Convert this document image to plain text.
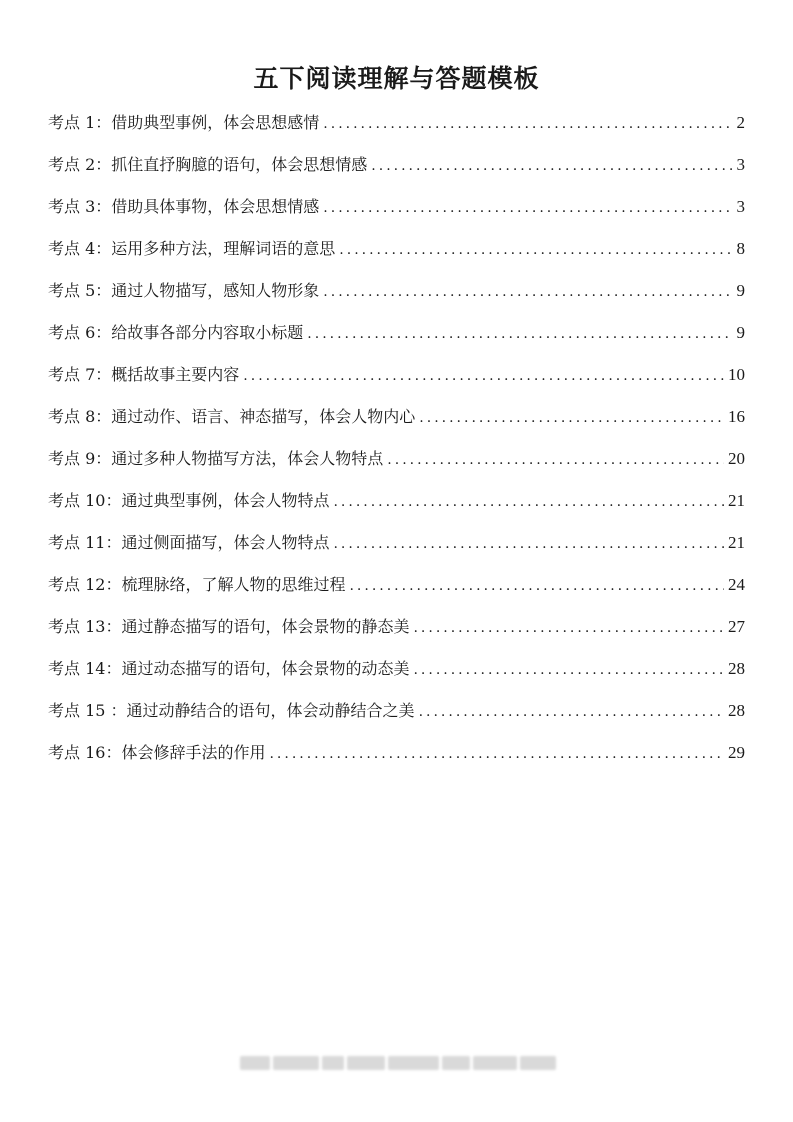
五下阅读理解与答题模板
考点 1： 借助典型事例，体会思想感情 .....	2
考点 2： 抓住直抒胸臆的语句，体会思想情感 .....	3
考点 3： 借助具体事物，体会思想情感 .....	3
考点 4： 运用多种方法，理解词语的意思 .....	8
考点 5： 通过人物描写，感知人物形象 .....	9
考点 6： 给故事各部分内容取小标题 .....	9
考点 7： 概括故事主要内容 .....	10
考点 8： 通过动作、语言、神态描写，体会人物内心 .....	16
考点 9： 通过多种人物描写方法，体会人物特点 .....	20
考点 10： 通过典型事例，体会人物特点 .....	21
考点 11： 通过侧面描写，体会人物特点 .....	21
考点 12： 梳理脉络，了解人物的思维过程 .....	24
考点 13： 通过静态描写的语句，体会景物的静态美 .....	27
考点 14： 通过动态描写的语句，体会景物的动态美 .....	28
考点 15 ： 通过动静结合的语句，体会动静结合之美 .....	28
考点 16： 体会修辞手法的作用 .....	29
